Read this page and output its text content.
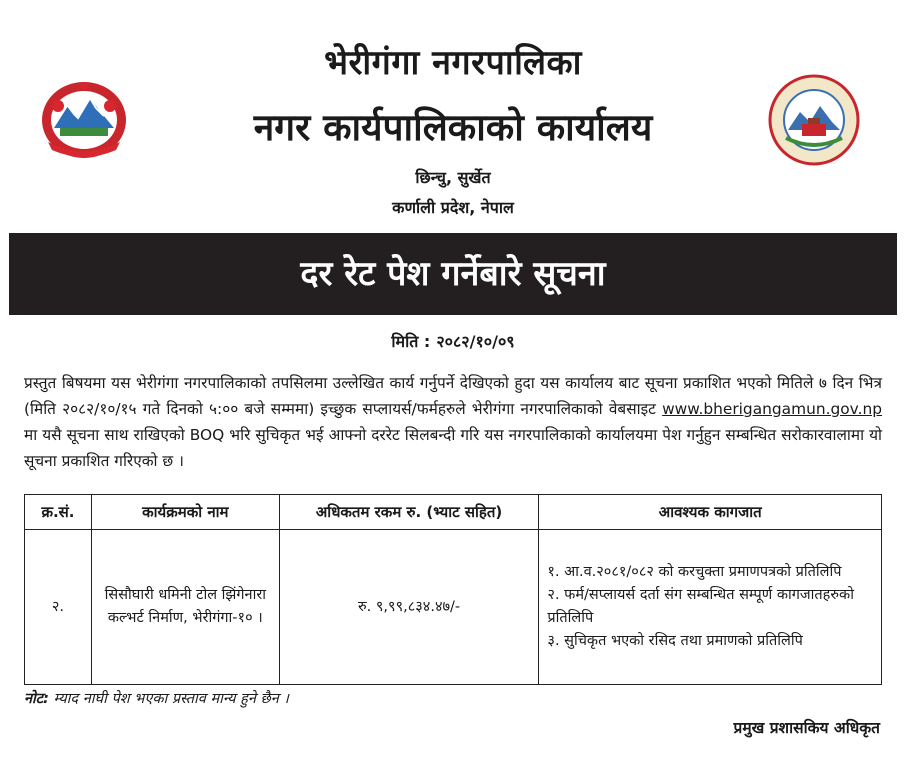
भेरीगंगा नगरपालिका
नगर कार्यपालिकाको कार्यालय
छिन्चु, सुर्खेत
कर्णाली प्रदेश, नेपाल
दर रेट पेश गर्नेबारे सूचना
मिति : २०८२/१०/०९
प्रस्तुत बिषयमा यस भेरीगंगा नगरपालिकाको तपसिलमा उल्लेखित कार्य गर्नुपर्ने देखिएको हुदा यस कार्यालय बाट सूचना प्रकाशित भएको मितिले ७ दिन भित्र (मिति २०८२/१०/१५ गते दिनको ५:०० बजे सम्ममा) इच्छुक सप्लायर्स/फर्महरुले भेरीगंगा नगरपालिकाको वेबसाइट www.bherigangamun.gov.np मा यसै सूचना साथ राखिएको BOQ भरि सुचिकृत भई आफ्नो दररेट सिलबन्दी गरि यस नगरपालिकाको कार्यालयमा पेश गर्नुहुन सम्बन्धित सरोकारवालामा यो सूचना प्रकाशित गरिएको छ ।
क्र.सं.	कार्यक्रमको नाम	अधिकतम रकम रु. (भ्याट सहित)	आवश्यक कागजात
२.	सिसौघारी धमिनी टोल झिंगेनारा कल्भर्ट निर्माण, भेरीगंगा-१० ।	रु. ९,९९,८३४.४७/-	१. आ.व.२०८१/०८२ को करचुक्ता प्रमाणपत्रको प्रतिलिपि

२. फर्म/सप्लायर्स दर्ता संग सम्बन्धित सम्पूर्ण कागजातहरुको प्रतिलिपि

३. सुचिकृत भएको रसिद तथा प्रमाणको प्रतिलिपि

नोट: म्याद नाघी पेश भएका प्रस्ताव मान्य हुने छैन ।
प्रमुख प्रशासकिय अधिकृत
